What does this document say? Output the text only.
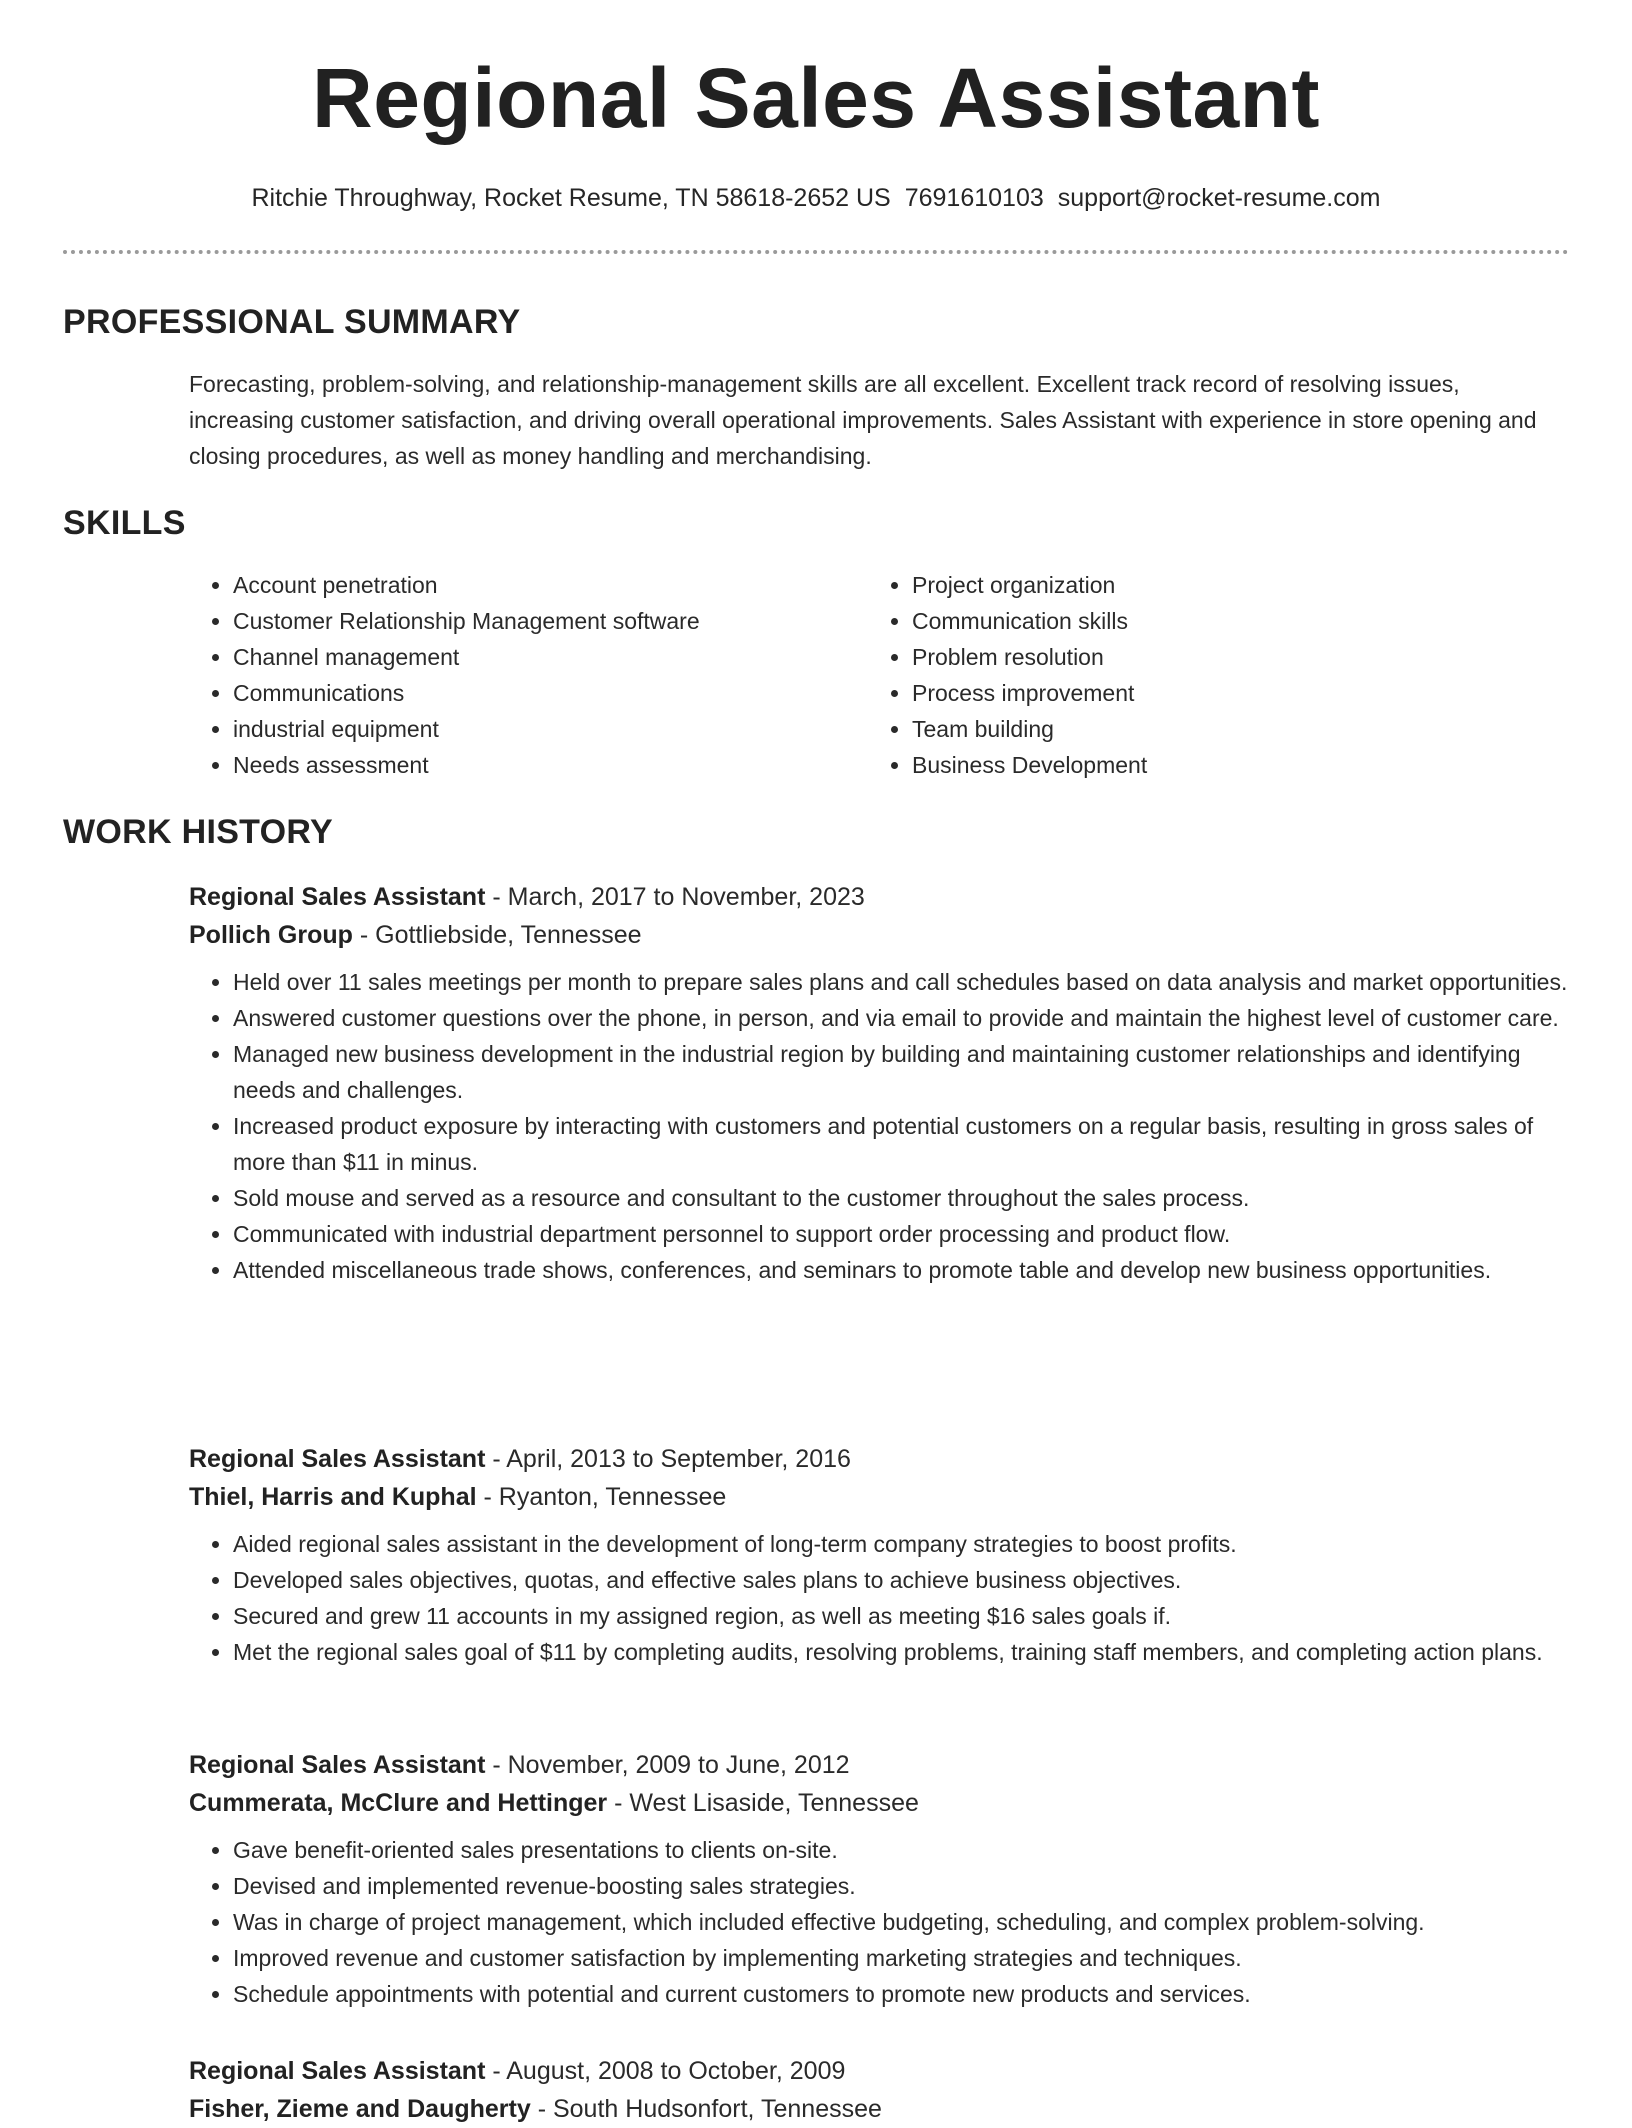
Regional Sales Assistant
Ritchie Throughway, Rocket Resume, TN 58618-2652 US 7691610103 support@rocket-resume.com
PROFESSIONAL SUMMARY
Forecasting, problem-solving, and relationship-management skills are all excellent. Excellent track record of resolving issues, increasing customer satisfaction, and driving overall operational improvements. Sales Assistant with experience in store opening and closing procedures, as well as money handling and merchandising.
SKILLS
• Account penetration
• Customer Relationship Management software
• Channel management
• Communications
• industrial equipment
• Needs assessment
• Project organization
• Communication skills
• Problem resolution
• Process improvement
• Team building
• Business Development
WORK HISTORY
Regional Sales Assistant - March, 2017 to November, 2023
Pollich Group - Gottliebside, Tennessee
• Held over 11 sales meetings per month to prepare sales plans and call schedules based on data analysis and market opportunities.
• Answered customer questions over the phone, in person, and via email to provide and maintain the highest level of customer care.
• Managed new business development in the industrial region by building and maintaining customer relationships and identifying needs and challenges.
• Increased product exposure by interacting with customers and potential customers on a regular basis, resulting in gross sales of more than $11 in minus.
• Sold mouse and served as a resource and consultant to the customer throughout the sales process.
• Communicated with industrial department personnel to support order processing and product flow.
• Attended miscellaneous trade shows, conferences, and seminars to promote table and develop new business opportunities.
Regional Sales Assistant - April, 2013 to September, 2016
Thiel, Harris and Kuphal - Ryanton, Tennessee
• Aided regional sales assistant in the development of long-term company strategies to boost profits.
• Developed sales objectives, quotas, and effective sales plans to achieve business objectives.
• Secured and grew 11 accounts in my assigned region, as well as meeting $16 sales goals if.
• Met the regional sales goal of $11 by completing audits, resolving problems, training staff members, and completing action plans.
Regional Sales Assistant - November, 2009 to June, 2012
Cummerata, McClure and Hettinger - West Lisaside, Tennessee
• Gave benefit-oriented sales presentations to clients on-site.
• Devised and implemented revenue-boosting sales strategies.
• Was in charge of project management, which included effective budgeting, scheduling, and complex problem-solving.
• Improved revenue and customer satisfaction by implementing marketing strategies and techniques.
• Schedule appointments with potential and current customers to promote new products and services.
Regional Sales Assistant - August, 2008 to October, 2009
Fisher, Zieme and Daugherty - South Hudsonfort, Tennessee
